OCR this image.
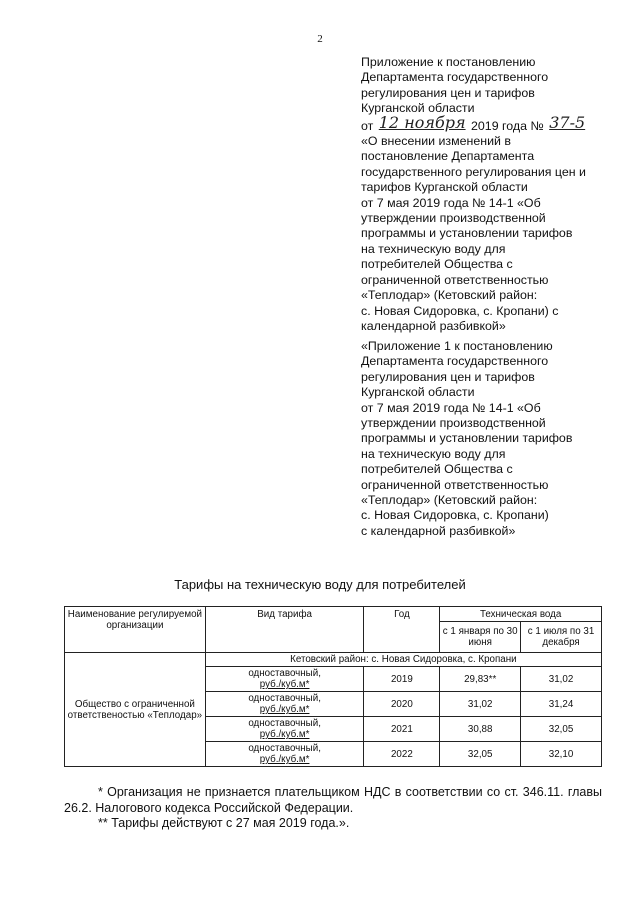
2
Приложение к постановлению
Департамента государственного
регулирования цен и тарифов
Курганской области
от 12 ноября 2019 года № 37-5
«О внесении изменений в
постановление Департамента
государственного регулирования цен и
тарифов Курганской области
от 7 мая 2019 года № 14-1 «Об
утверждении производственной
программы и установлении тарифов
на техническую воду для
потребителей Общества с
ограниченной ответственностью
«Теплодар» (Кетовский район:
с. Новая Сидоровка, с. Кропани) с
календарной разбивкой»
«Приложение 1 к постановлению
Департамента государственного
регулирования цен и тарифов
Курганской области
от 7 мая 2019 года № 14-1 «Об
утверждении производственной
программы и установлении тарифов
на техническую воду для
потребителей Общества с
ограниченной ответственностью
«Теплодар» (Кетовский район:
с. Новая Сидоровка, с. Кропани)
с календарной разбивкой»
Тарифы на техническую воду для потребителей
Наименование регулируемой организации	Вид тарифа	Год	Техническая вода	
			с 1 января по 30 июня	с 1 июля по 31 декабря
Общество с ограниченной ответственостью «Теплодар»	Кетовский район: с. Новая Сидоровка, с. Кропани			

	одноставочный,
руб./куб.м*	2019	29,83**	31,02

	одноставочный,
руб./куб.м*	2020	31,02	31,24

	одноставочный,
руб./куб.м*	2021	30,88	32,05

	одноставочный,
руб./куб.м*	2022	32,05	32,10
* Организация не признается плательщиком НДС в соответствии со ст. 346.11. главы 26.2. Налогового кодекса Российской Федерации.
** Тарифы действуют с 27 мая 2019 года.».
